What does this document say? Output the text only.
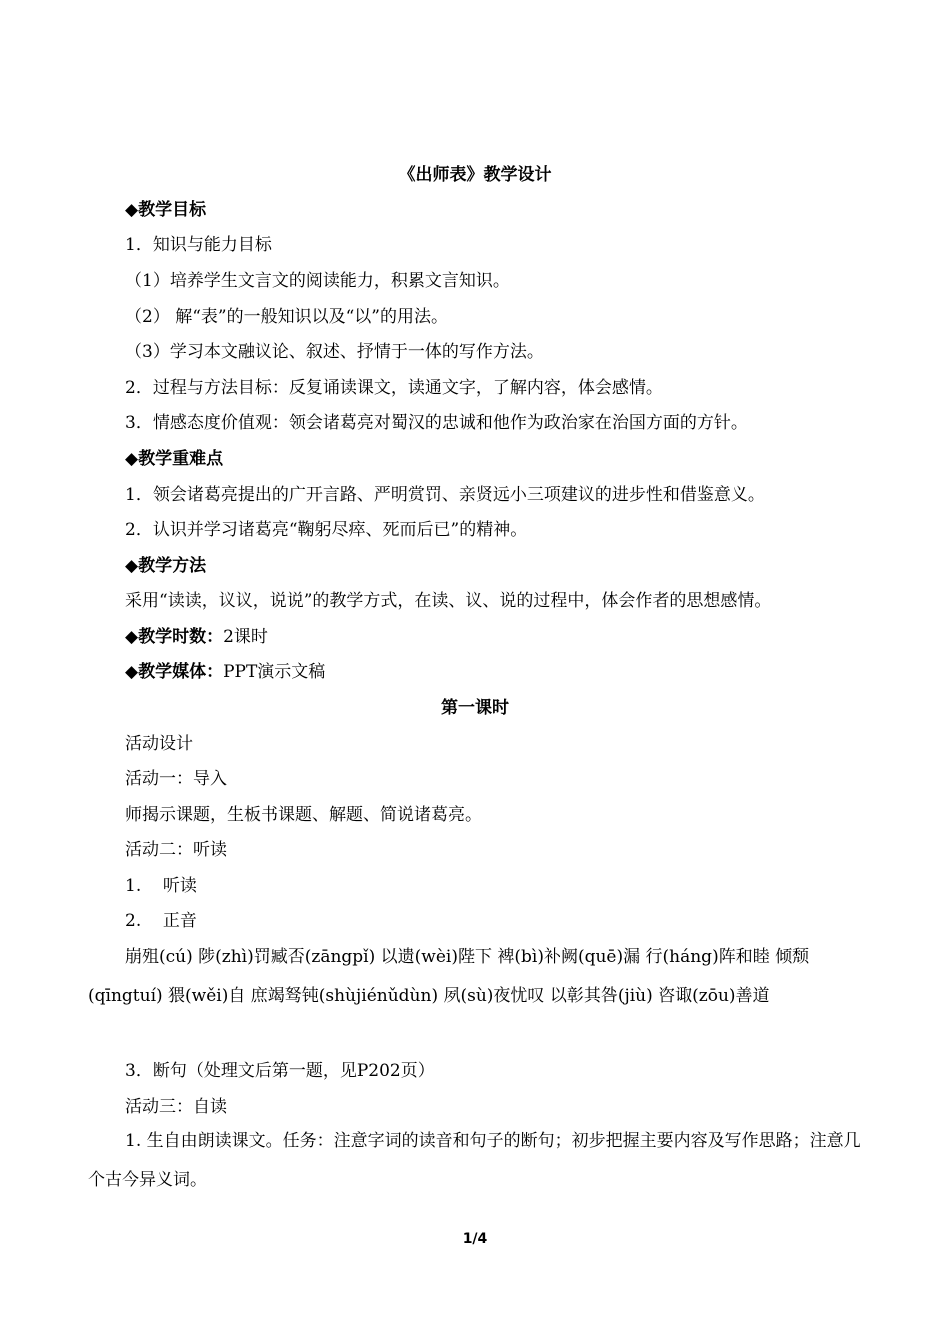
《出师表》教学设计
◆教学目标
1．知识与能力目标
（1）培养学生文言文的阅读能力，积累文言知识。
（2） 解“表”的一般知识以及“以”的用法。
（3）学习本文融议论、叙述、抒情于一体的写作方法。
2．过程与方法目标：反复诵读课文，读通文字，了解内容，体会感情。
3．情感态度价值观：领会诸葛亮对蜀汉的忠诚和他作为政治家在治国方面的方针。
◆教学重难点
1．领会诸葛亮提出的广开言路、严明赏罚、亲贤远小三项建议的进步性和借鉴意义。
2．认识并学习诸葛亮“鞠躬尽瘁、死而后已”的精神。
◆教学方法
采用“读读，议议，说说”的教学方式，在读、议、说的过程中，体会作者的思想感情。
◆教学时数：2课时
◆教学媒体：PPT演示文稿
第一课时
活动设计
活动一：导入
师揭示课题，生板书课题、解题、简说诸葛亮。
活动二：听读
1.    听读
2.    正音
崩殂(cú) 陟(zhì)罚臧否(zāngpǐ) 以遗(wèi)陛下 裨(bì)补阙(quē)漏 行(háng)阵和睦 倾颓(qīngtuí) 猥(wěi)自 庶竭驽钝(shùjiénǔdùn) 夙(sù)夜忧叹 以彰其咎(jiù) 咨诹(zōu)善道
3．断句（处理文后第一题，见P202页）
活动三：自读
1. 生自由朗读课文。任务：注意字词的读音和句子的断句；初步把握主要内容及写作思路；注意几个古今异义词。
1/4
